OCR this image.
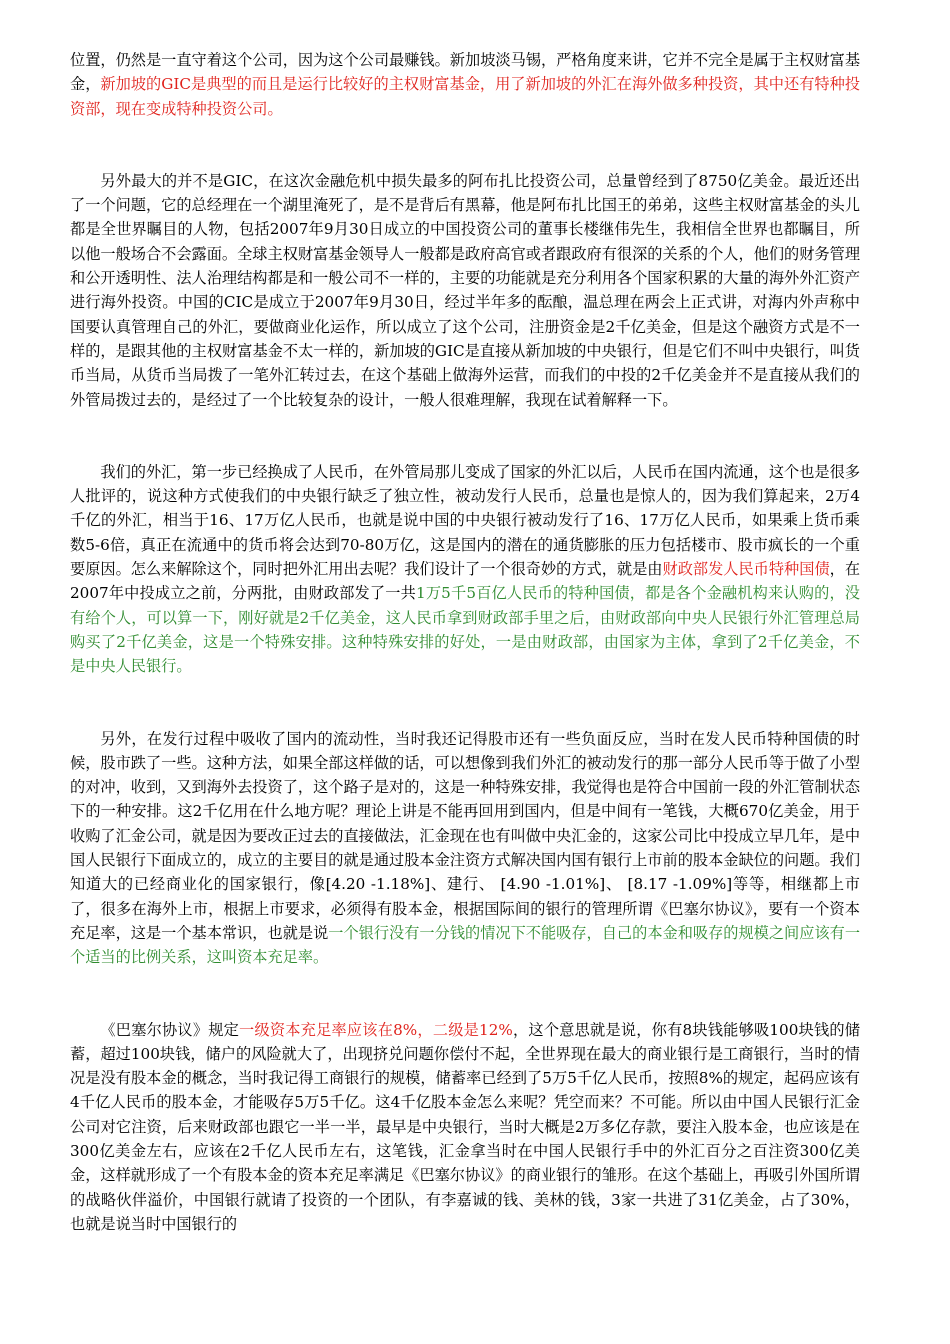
位置，仍然是一直守着这个公司，因为这个公司最赚钱。新加坡淡马锡，严格角度来讲，它并不完全是属于主权财富基金，新加坡的GIC是典型的而且是运行比较好的主权财富基金，用了新加坡的外汇在海外做多种投资，其中还有特种投资部，现在变成特种投资公司。

另外最大的并不是GIC，在这次金融危机中损失最多的阿布扎比投资公司，总量曾经到了8750亿美金。最近还出了一个问题，它的总经理在一个湖里淹死了，是不是背后有黑幕，他是阿布扎比国王的弟弟，这些主权财富基金的头儿都是全世界瞩目的人物，包括2007年9月30日成立的中国投资公司的董事长楼继伟先生，我相信全世界也都瞩目，所以他一般场合不会露面。全球主权财富基金领导人一般都是政府高官或者跟政府有很深的关系的个人，他们的财务管理和公开透明性、法人治理结构都是和一般公司不一样的，主要的功能就是充分利用各个国家积累的大量的海外外汇资产进行海外投资。中国的CIC是成立于2007年9月30日，经过半年多的酝酿，温总理在两会上正式讲，对海内外声称中国要认真管理自己的外汇，要做商业化运作，所以成立了这个公司，注册资金是2千亿美金，但是这个融资方式是不一样的，是跟其他的主权财富基金不太一样的，新加坡的GIC是直接从新加坡的中央银行，但是它们不叫中央银行，叫货币当局，从货币当局拨了一笔外汇转过去，在这个基础上做海外运营，而我们的中投的2千亿美金并不是直接从我们的外管局拨过去的，是经过了一个比较复杂的设计，一般人很难理解，我现在试着解释一下。

我们的外汇，第一步已经换成了人民币，在外管局那儿变成了国家的外汇以后，人民币在国内流通，这个也是很多人批评的，说这种方式使我们的中央银行缺乏了独立性，被动发行人民币，总量也是惊人的，因为我们算起来，2万4千亿的外汇，相当于16、17万亿人民币，也就是说中国的中央银行被动发行了16、17万亿人民币，如果乘上货币乘数5-6倍，真正在流通中的货币将会达到70-80万亿，这是国内的潜在的通货膨胀的压力包括楼市、股市疯长的一个重要原因。怎么来解除这个，同时把外汇用出去呢？我们设计了一个很奇妙的方式，就是由财政部发人民币特种国债，在2007年中投成立之前，分两批，由财政部发了一共1万5千5百亿人民币的特种国债，都是各个金融机构来认购的，没有给个人，可以算一下，刚好就是2千亿美金，这人民币拿到财政部手里之后，由财政部向中央人民银行外汇管理总局购买了2千亿美金，这是一个特殊安排。这种特殊安排的好处，一是由财政部，由国家为主体，拿到了2千亿美金，不是中央人民银行。

另外，在发行过程中吸收了国内的流动性，当时我还记得股市还有一些负面反应，当时在发人民币特种国债的时候，股市跌了一些。这种方法，如果全部这样做的话，可以想像到我们外汇的被动发行的那一部分人民币等于做了小型的对冲，收到，又到海外去投资了，这个路子是对的，这是一种特殊安排，我觉得也是符合中国前一段的外汇管制状态下的一种安排。这2千亿用在什么地方呢？理论上讲是不能再回用到国内，但是中间有一笔钱，大概670亿美金，用于收购了汇金公司，就是因为要改正过去的直接做法，汇金现在也有叫做中央汇金的，这家公司比中投成立早几年，是中国人民银行下面成立的，成立的主要目的就是通过股本金注资方式解决国内国有银行上市前的股本金缺位的问题。我们知道大的已经商业化的国家银行，像[4.20 -1.18%]、建行、 [4.90 -1.01%]、 [8.17 -1.09%]等等，相继都上市了，很多在海外上市，根据上市要求，必须得有股本金，根据国际间的银行的管理所谓《巴塞尔协议》，要有一个资本充足率，这是一个基本常识，也就是说一个银行没有一分钱的情况下不能吸存，自己的本金和吸存的规模之间应该有一个适当的比例关系，这叫资本充足率。

《巴塞尔协议》规定一级资本充足率应该在8%，二级是12%，这个意思就是说，你有8块钱能够吸100块钱的储蓄，超过100块钱，储户的风险就大了，出现挤兑问题你偿付不起，全世界现在最大的商业银行是工商银行，当时的情况是没有股本金的概念，当时我记得工商银行的规模，储蓄率已经到了5万5千亿人民币，按照8%的规定，起码应该有4千亿人民币的股本金，才能吸存5万5千亿。这4千亿股本金怎么来呢？凭空而来？不可能。所以由中国人民银行汇金公司对它注资，后来财政部也跟它一半一半，最早是中央银行，当时大概是2万多亿存款，要注入股本金，也应该是在300亿美金左右，应该在2千亿人民币左右，这笔钱，汇金拿当时在中国人民银行手中的外汇百分之百注资300亿美金，这样就形成了一个有股本金的资本充足率满足《巴塞尔协议》的商业银行的雏形。在这个基础上，再吸引外国所谓的战略伙伴溢价，中国银行就请了投资的一个团队，有李嘉诚的钱、美林的钱，3家一共进了31亿美金，占了30%，也就是说当时中国银行的
